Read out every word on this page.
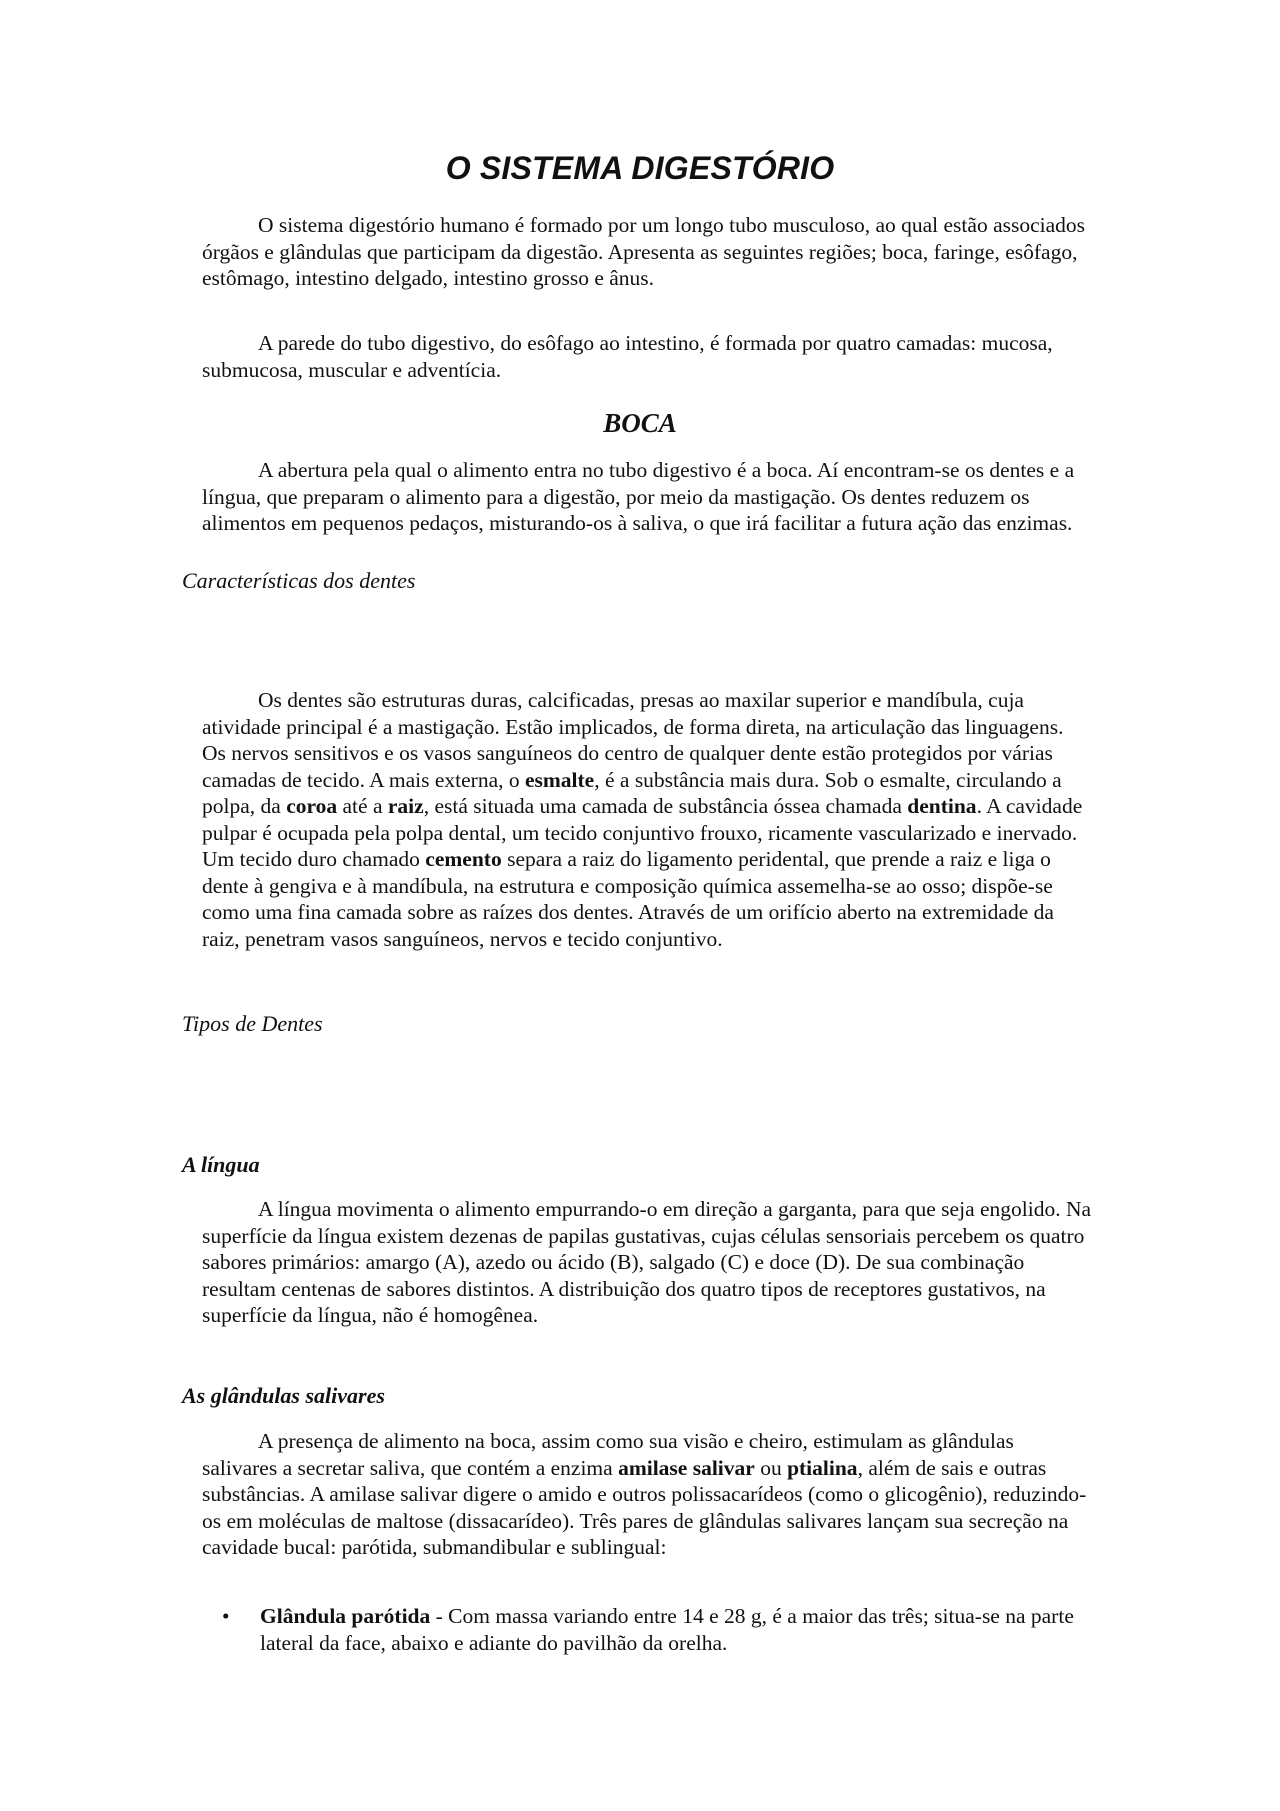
O SISTEMA DIGESTÓRIO
O sistema digestório humano é formado por um longo tubo musculoso, ao qual estão associados órgãos e glândulas que participam da digestão. Apresenta as seguintes regiões; boca, faringe, esôfago, estômago, intestino delgado, intestino grosso e ânus.
A parede do tubo digestivo, do esôfago ao intestino, é formada por quatro camadas: mucosa, submucosa, muscular e adventícia.
BOCA
A abertura pela qual o alimento entra no tubo digestivo é a boca. Aí encontram-se os dentes e a língua, que preparam o alimento para a digestão, por meio da mastigação. Os dentes reduzem os alimentos em pequenos pedaços, misturando-os à saliva, o que irá facilitar a futura ação das enzimas.
Características dos dentes
Os dentes são estruturas duras, calcificadas, presas ao maxilar superior e mandíbula, cuja atividade principal é a mastigação. Estão implicados, de forma direta, na articulação das linguagens. Os nervos sensitivos e os vasos sanguíneos do centro de qualquer dente estão protegidos por várias camadas de tecido. A mais externa, o esmalte, é a substância mais dura. Sob o esmalte, circulando a polpa, da coroa até a raiz, está situada uma camada de substância óssea chamada dentina. A cavidade pulpar é ocupada pela polpa dental, um tecido conjuntivo frouxo, ricamente vascularizado e inervado. Um tecido duro chamado cemento separa a raiz do ligamento peridental, que prende a raiz e liga o dente à gengiva e à mandíbula, na estrutura e composição química assemelha-se ao osso; dispõe-se como uma fina camada sobre as raízes dos dentes. Através de um orifício aberto na extremidade da raiz, penetram vasos sanguíneos, nervos e tecido conjuntivo.
Tipos de Dentes
A língua
A língua movimenta o alimento empurrando-o em direção a garganta, para que seja engolido. Na superfície da língua existem dezenas de papilas gustativas, cujas células sensoriais percebem os quatro sabores primários: amargo (A), azedo ou ácido (B), salgado (C) e doce (D). De sua combinação resultam centenas de sabores distintos. A distribuição dos quatro tipos de receptores gustativos, na superfície da língua, não é homogênea.
As glândulas salivares
A presença de alimento na boca, assim como sua visão e cheiro, estimulam as glândulas salivares a secretar saliva, que contém a enzima amilase salivar ou ptialina, além de sais e outras substâncias. A amilase salivar digere o amido e outros polissacarídeos (como o glicogênio), reduzindo-os em moléculas de maltose (dissacarídeo). Três pares de glândulas salivares lançam sua secreção na cavidade bucal: parótida, submandibular e sublingual:
• Glândula parótida - Com massa variando entre 14 e 28 g, é a maior das três; situa-se na parte lateral da face, abaixo e adiante do pavilhão da orelha.
